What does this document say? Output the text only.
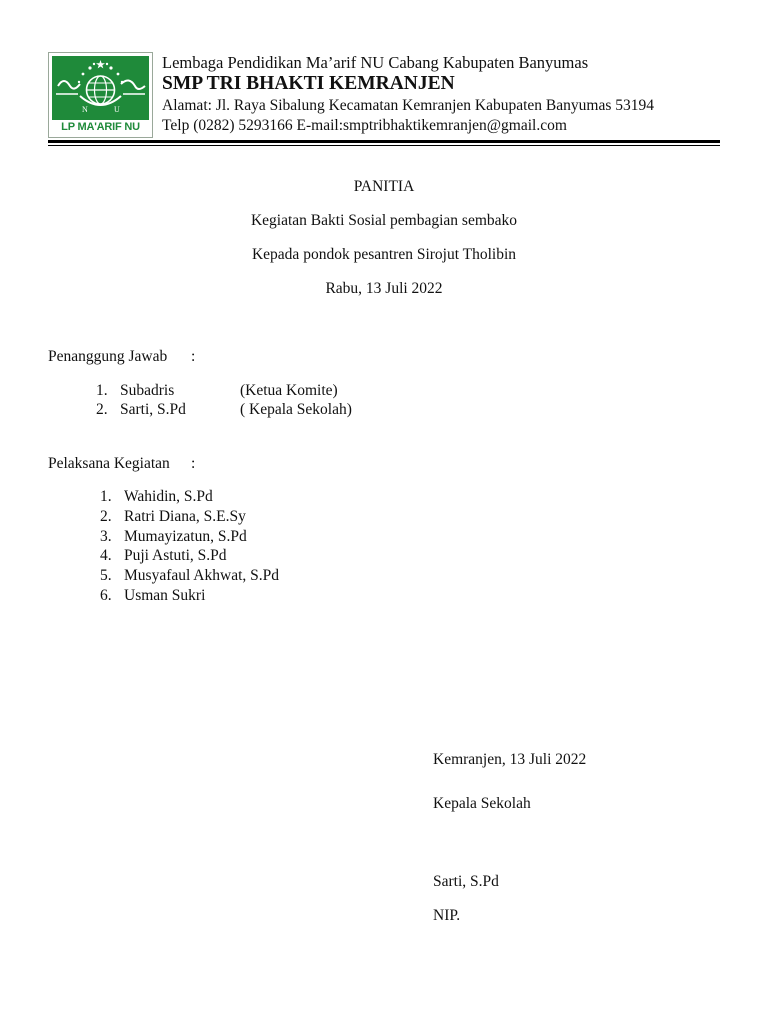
N	U
LP MA'ARIF NU
Lembaga Pendidikan Ma’arif NU Cabang Kabupaten Banyumas
SMP TRI BHAKTI KEMRANJEN
Alamat: Jl. Raya Sibalung Kecamatan Kemranjen Kabupaten Banyumas 53194
Telp (0282) 5293166 E-mail:smptribhaktikemranjen@gmail.com
PANITIA
Kegiatan Bakti Sosial pembagian sembako
Kepada pondok pesantren Sirojut Tholibin
Rabu, 13 Juli 2022
Penanggung Jawab :
1. Subadris	(Ketua Komite)
2. Sarti, S.Pd	( Kepala Sekolah)
Pelaksana Kegiatan :
1. Wahidin, S.Pd
2. Ratri Diana, S.E.Sy
3. Mumayizatun, S.Pd
4. Puji Astuti, S.Pd
5. Musyafaul Akhwat, S.Pd
6. Usman Sukri
Kemranjen, 13 Juli 2022
Kepala Sekolah
Sarti, S.Pd
NIP.
